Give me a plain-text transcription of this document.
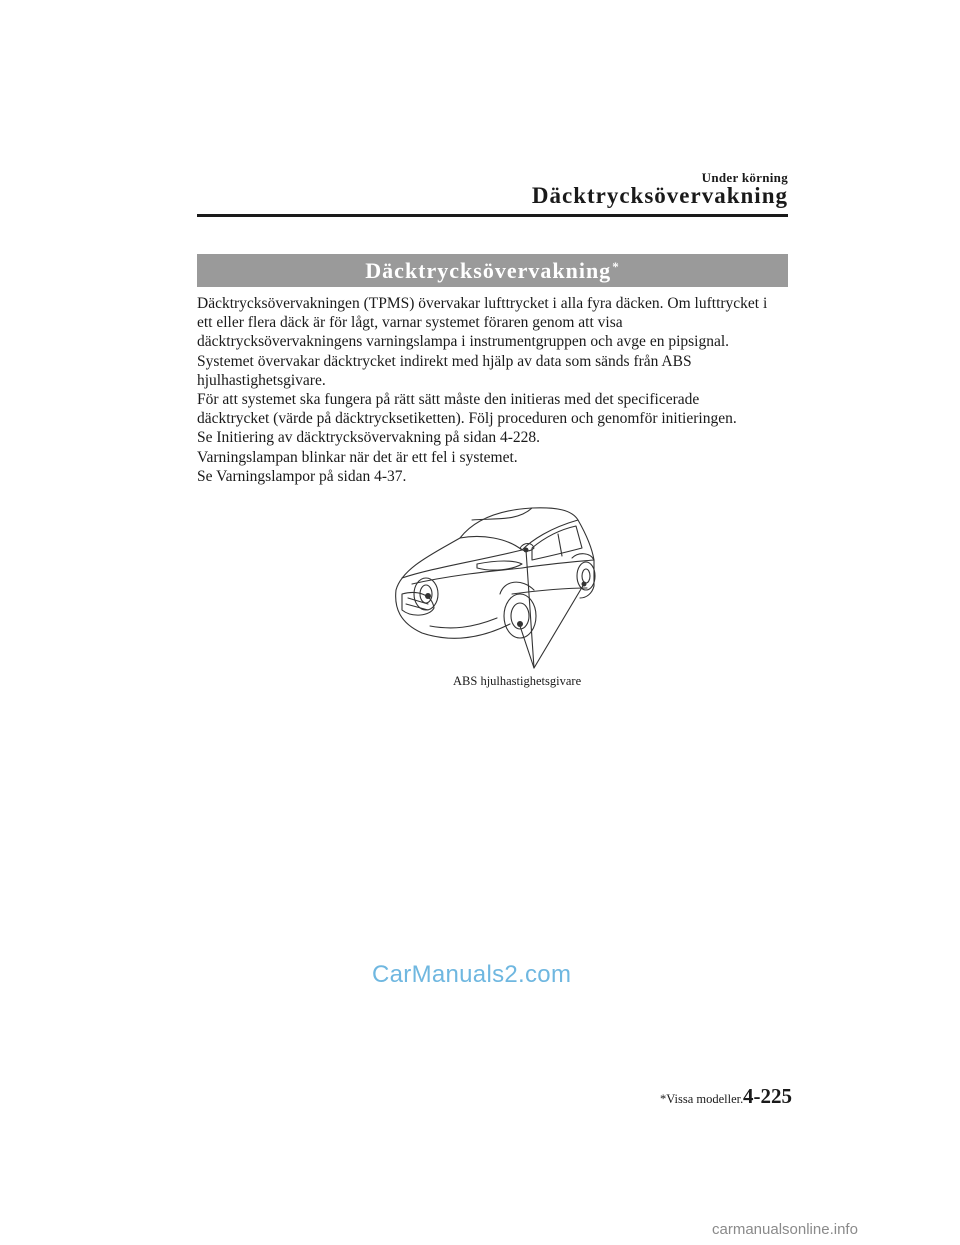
Under körning
Däcktrycksövervakning
Däcktrycksövervakning*

Däcktrycksövervakningen (TPMS) övervakar lufttrycket i alla fyra däcken. Om lufttrycket i

ett eller flera däck är för lågt, varnar systemet föraren genom att visa

däcktrycksövervakningens varningslampa i instrumentgruppen och avge en pipsignal.

Systemet övervakar däcktrycket indirekt med hjälp av data som sänds från ABS

hjulhastighetsgivare.

För att systemet ska fungera på rätt sätt måste den initieras med det specificerade

däcktrycket (värde på däcktrycksetiketten). Följ proceduren och genomför initieringen.

Se Initiering av däcktrycksövervakning på sidan 4-228.

Varningslampan blinkar när det är ett fel i systemet.

Se Varningslampor på sidan 4-37.

ABS hjulhastighetsgivare
CarManuals2.com
*Vissa modeller. 4-225
carmanualsonline.info
